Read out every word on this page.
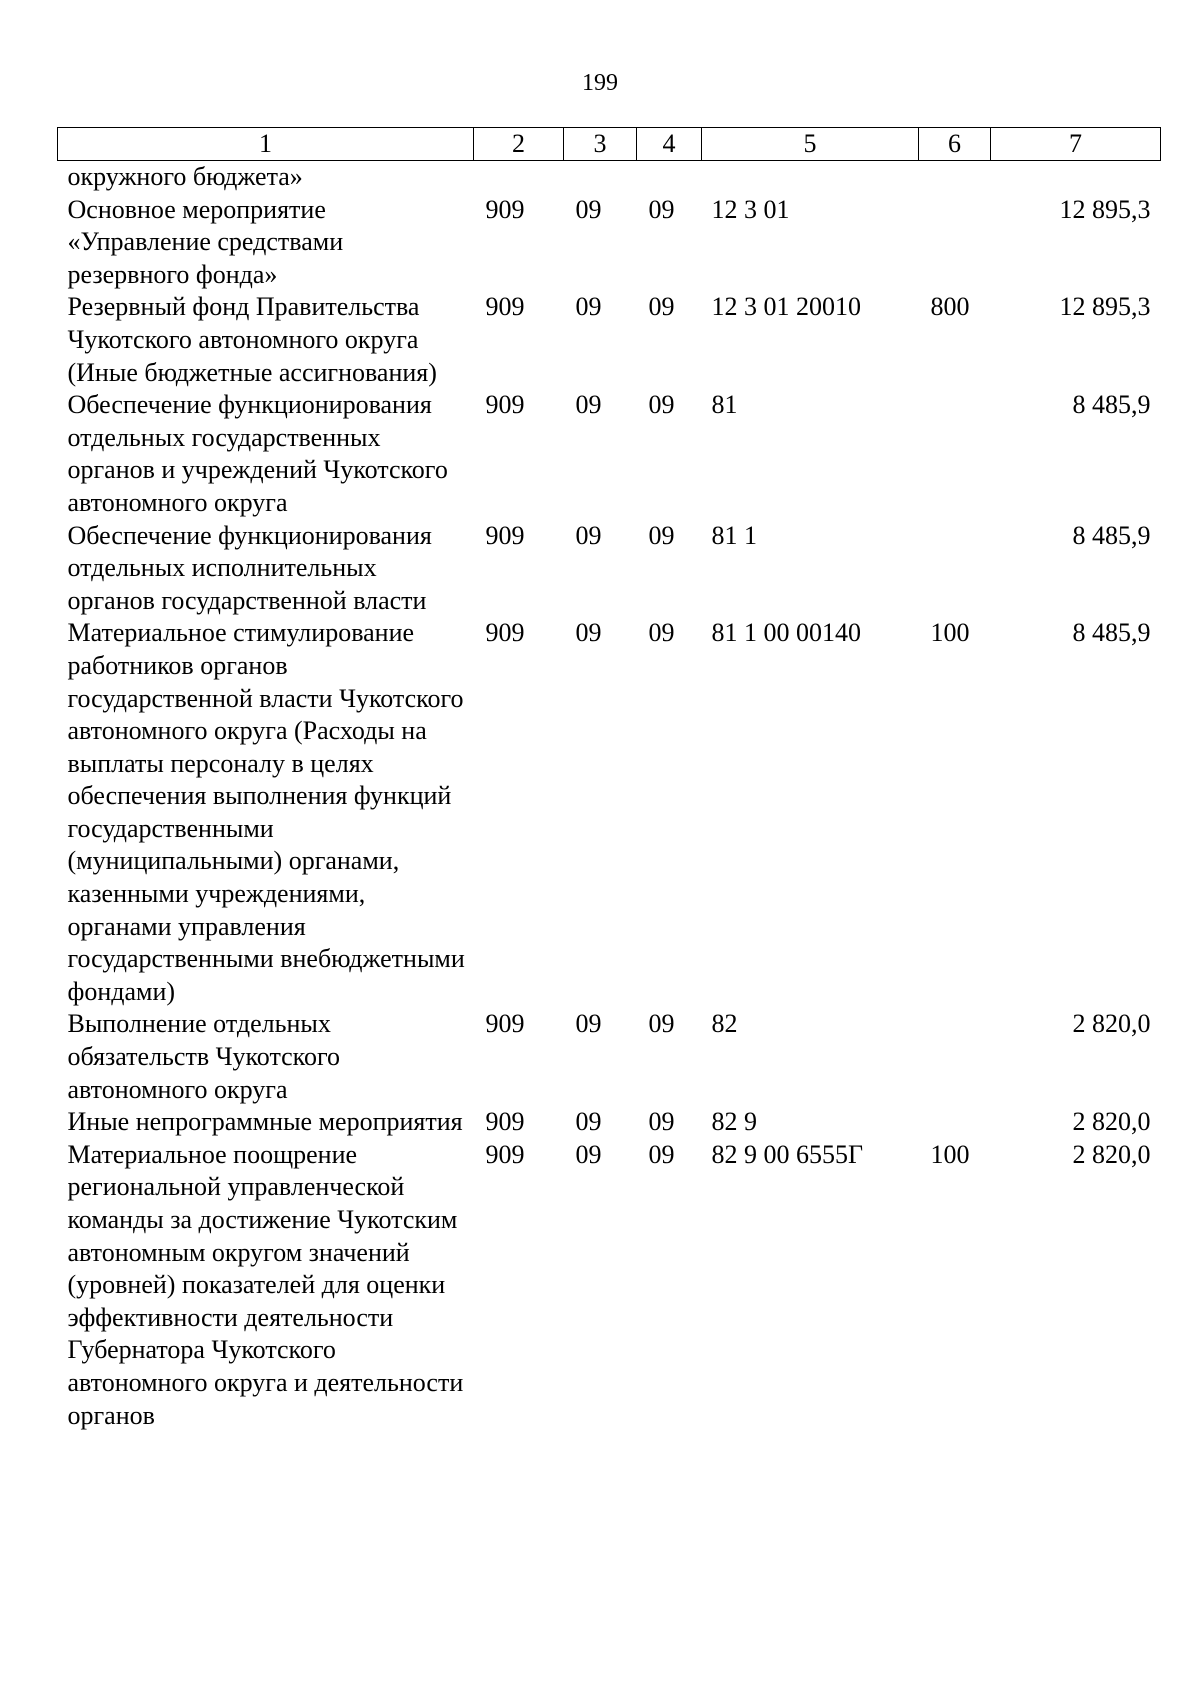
199
1	2	3	4	5	6	7
окружного бюджета»						
Основное мероприятие «Управление средствами резервного фонда»	909	09	09	12 3 01		12 895,3
Резервный фонд Правительства Чукотского автономного округа (Иные бюджетные ассигнования)	909	09	09	12 3 01 20010	800	12 895,3
Обеспечение функционирования отдельных государственных органов и учреждений Чукотского автономного округа	909	09	09	81		8 485,9
Обеспечение функционирования отдельных исполнительных органов государственной власти	909	09	09	81 1		8 485,9
Материальное стимулирование работников органов государственной власти Чукотского автономного округа (Расходы на выплаты персоналу в целях обеспечения выполнения функций государственными (муниципальными) органами, казенными учреждениями, органами управления государственными внебюджетными фондами)	909	09	09	81 1 00 00140	100	8 485,9
Выполнение отдельных обязательств Чукотского автономного округа	909	09	09	82		2 820,0
Иные непрограммные мероприятия	909	09	09	82 9		2 820,0
Материальное поощрение региональной управленческой команды за достижение Чукотским автономным округом значений (уровней) показателей для оценки эффективности деятельности Губернатора Чукотского автономного округа и деятельности органов	909	09	09	82 9 00 6555Г	100	2 820,0
